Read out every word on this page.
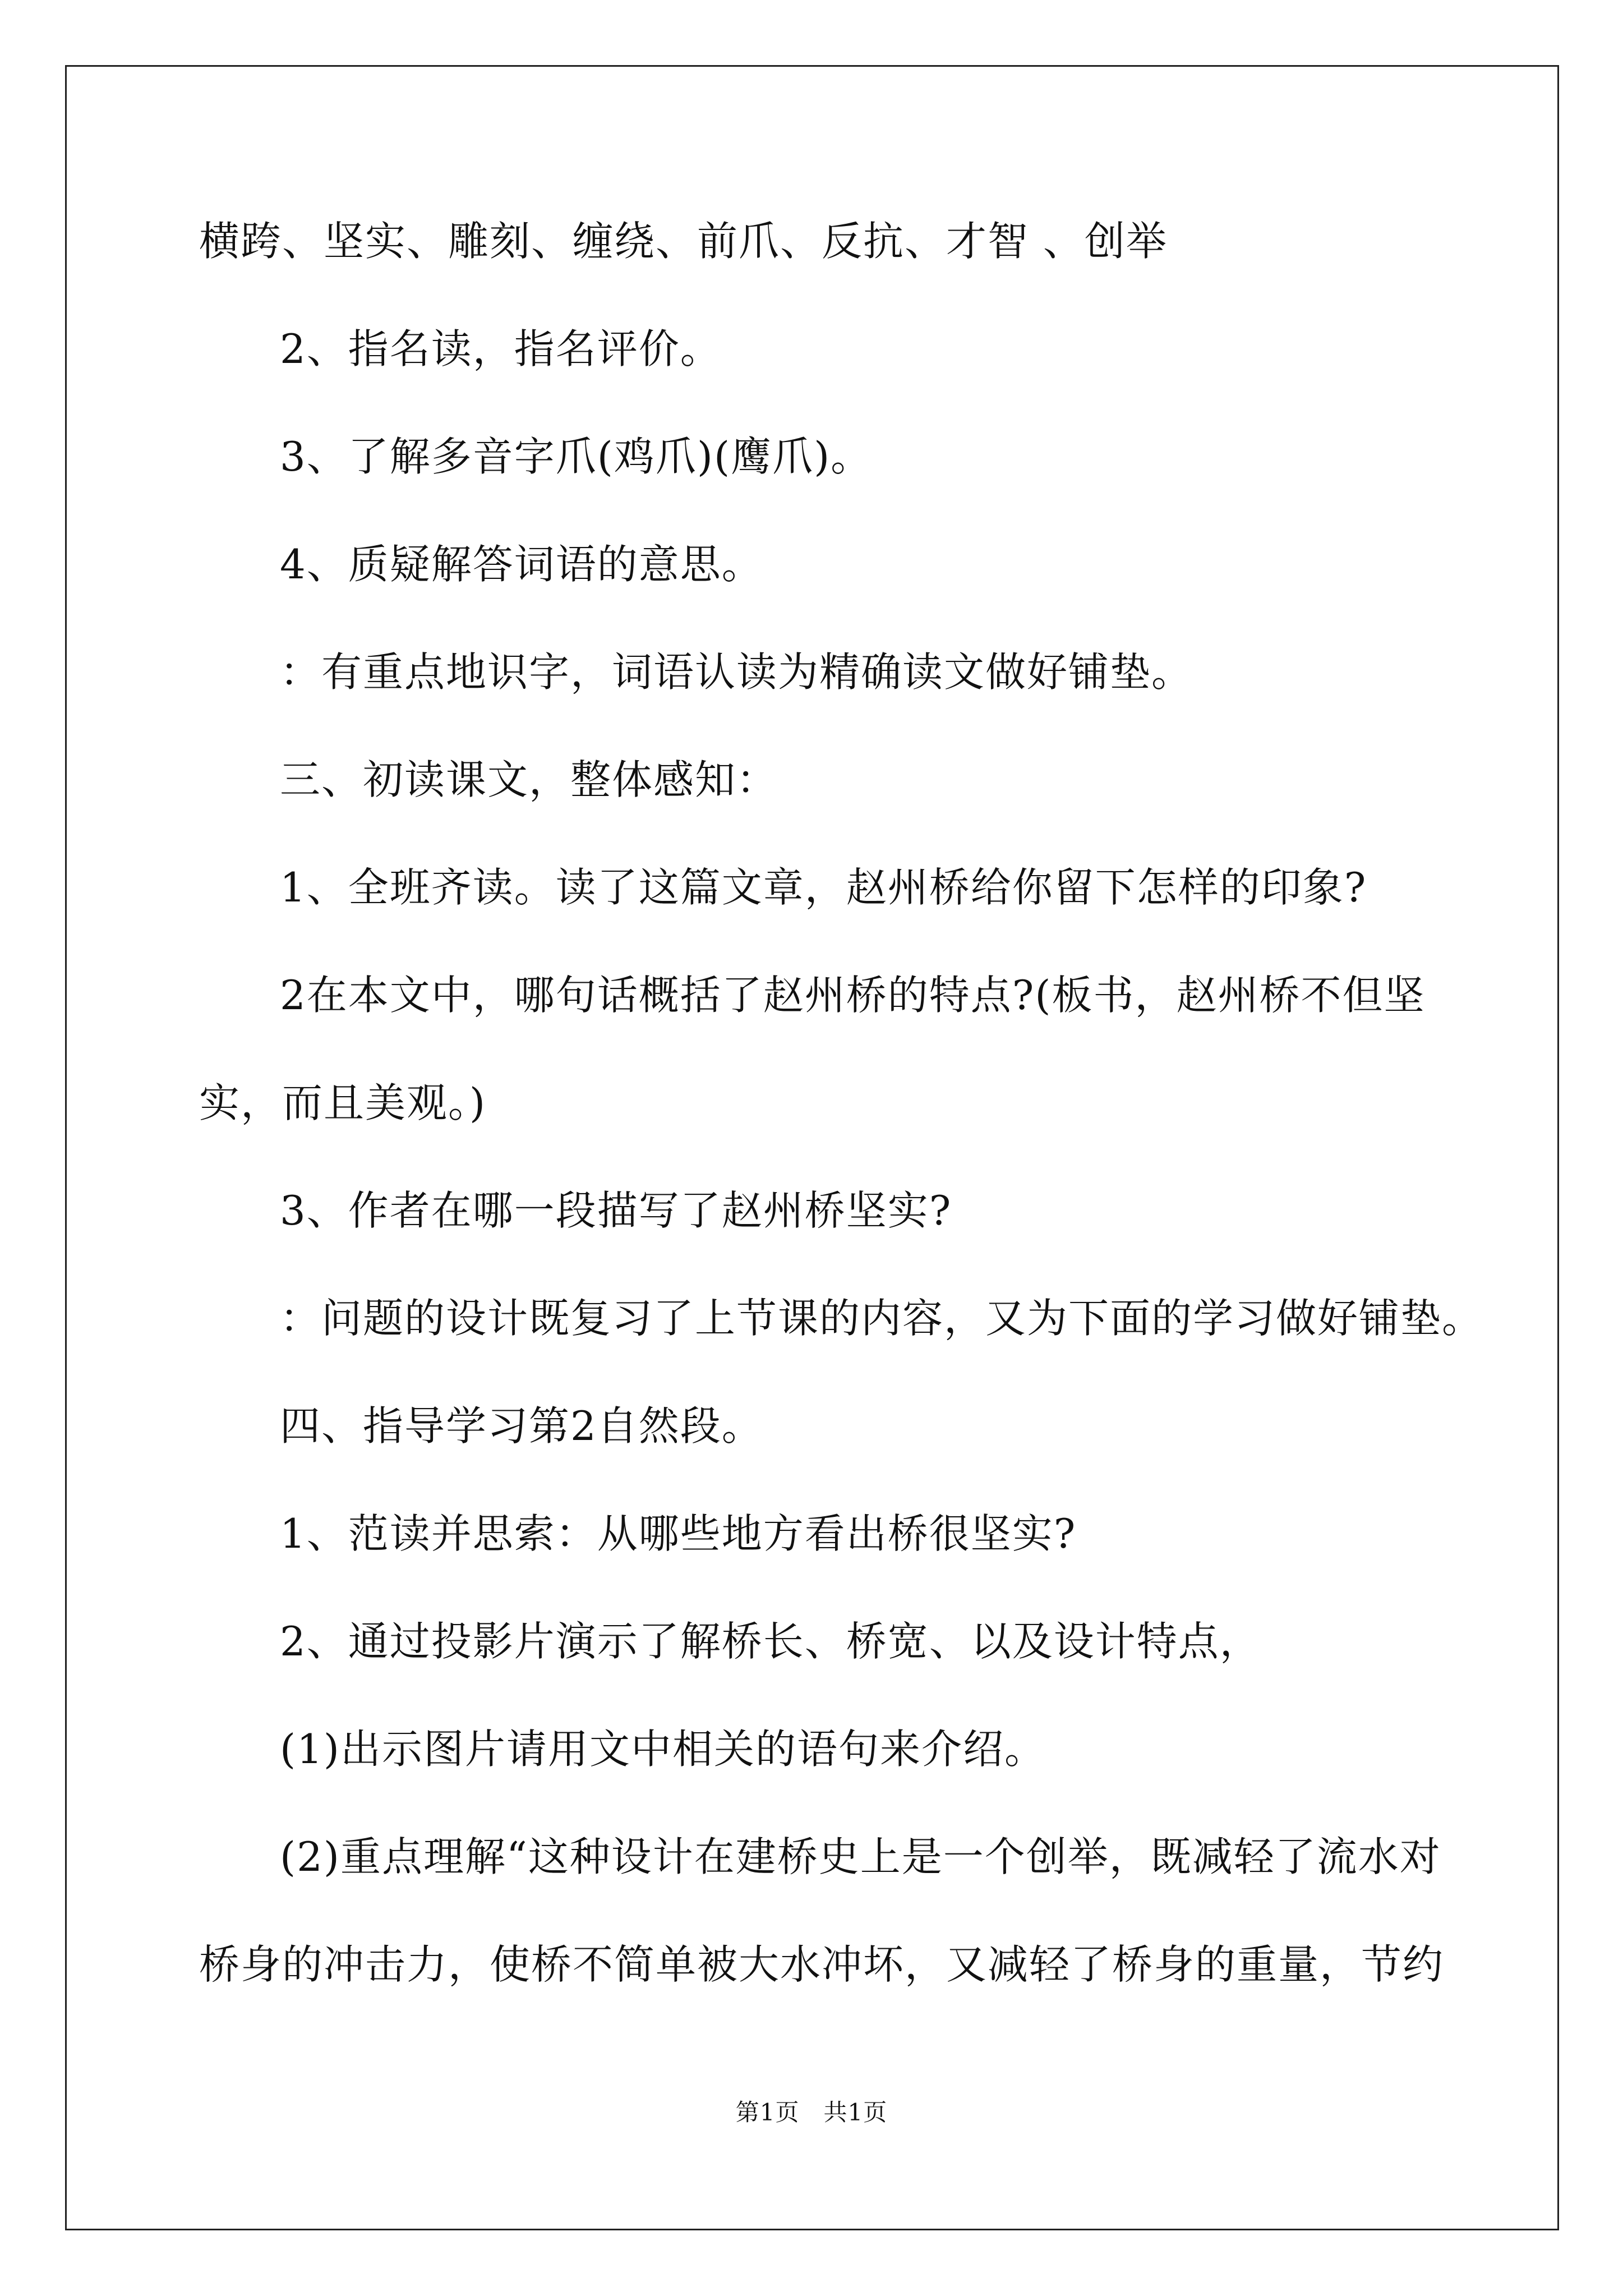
横跨、坚实、雕刻、缠绕、前爪、反抗、才智 、创举
2、指名读，指名评价。
3、了解多音字爪(鸡爪)(鹰爪)。
4、质疑解答词语的意思。
：有重点地识字，词语认读为精确读文做好铺垫。
三、初读课文，整体感知：
1、全班齐读。读了这篇文章，赵州桥给你留下怎样的印象?
2在本文中，哪句话概括了赵州桥的特点?(板书，赵州桥不但坚
实，而且美观。)
3、作者在哪一段描写了赵州桥坚实?
：问题的设计既复习了上节课的内容，又为下面的学习做好铺垫。
四、指导学习第2自然段。
1、范读并思索：从哪些地方看出桥很坚实?
2、通过投影片演示了解桥长、桥宽、以及设计特点，
(1)出示图片请用文中相关的语句来介绍。
(2)重点理解“这种设计在建桥史上是一个创举，既减轻了流水对
桥身的冲击力，使桥不简单被大水冲坏，又减轻了桥身的重量，节约
第1页   共1页
